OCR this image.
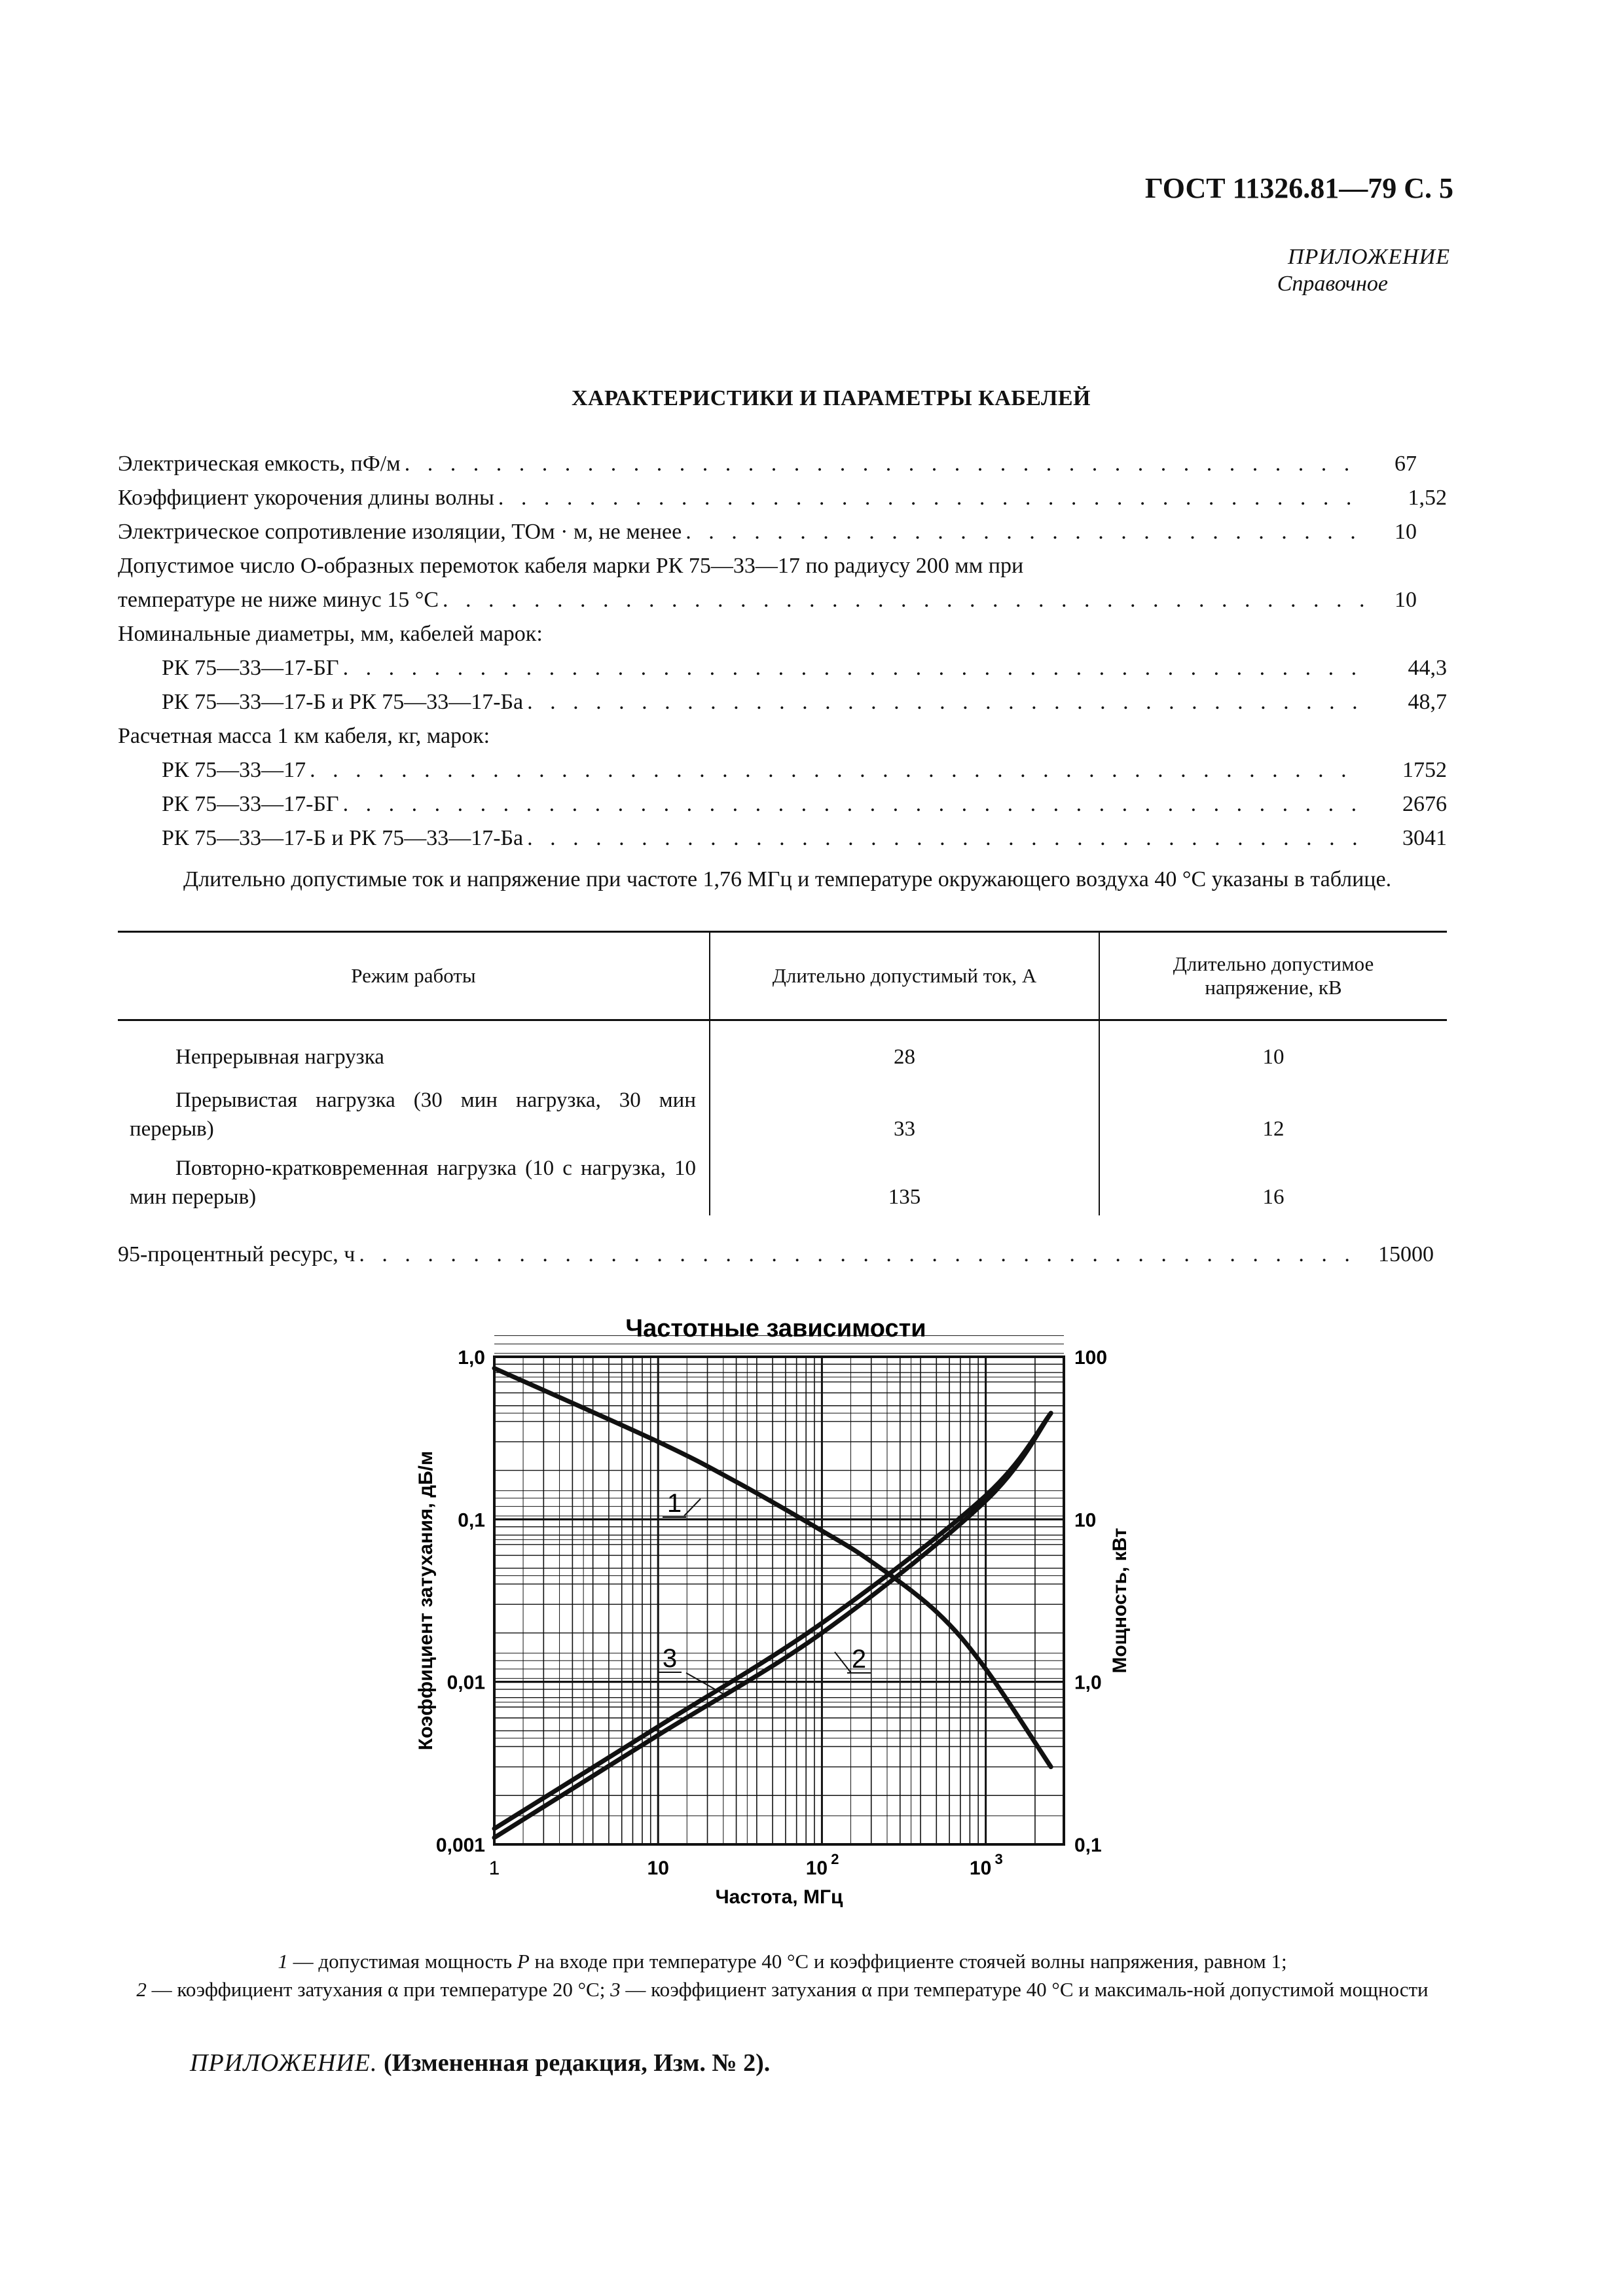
ГОСТ 11326.81—79 С. 5
ПРИЛОЖЕНИЕ
Справочное
ХАРАКТЕРИСТИКИ И ПАРАМЕТРЫ КАБЕЛЕЙ
Электрическая емкость, пФ/м . . .	67
Коэффициент укорочения длины волны . . .	1,52
Электрическое сопротивление изоляции, ТОм · м, не менее . . .	10
Допустимое число О-образных перемоток кабеля марки РК 75—33—17 по радиусу 200 мм при
температуре не ниже минус 15 °С . . .	10
Номинальные диаметры, мм, кабелей марок:
РК 75—33—17-БГ . . .	44,3
РК 75—33—17-Б и РК 75—33—17-Ба . . .	48,7
Расчетная масса 1 км кабеля, кг, марок:
РК 75—33—17 . . .	1752
РК 75—33—17-БГ . . .	2676
РК 75—33—17-Б и РК 75—33—17-Ба . . .	3041
Длительно допустимые ток и напряжение при частоте 1,76 МГц и температуре окружающего воздуха 40 °С указаны в таблице.
Режим работы	Длительно допустимый ток, А	Длительно допустимое напряжение, кВ
Непрерывная нагрузка	28	10
Прерывистая нагрузка (30 мин нагрузка, 30 мин перерыв)	33	12
Повторно-кратковременная нагрузка (10 с нагрузка, 10 мин перерыв)	135	16
95-процентный ресурс, ч . . .	15000
Частотные зависимости
1	10	10 2	10 3
0,001
0,01
0,1
1,0
0,1
1,0
10
100
Частота, МГц
Коэффициент затухания, дБ/м	Мощность, кВт
1
2
3
1 — допустимая мощность P на входе при температуре 40 °С и коэффициенте стоячей волны напряжения, равном 1;
2 — коэффициент затухания α при температуре 20 °С; 3 — коэффициент затухания α при температуре 40 °С и максималь-ной допустимой мощности
ПРИЛОЖЕНИЕ. (Измененная редакция, Изм. № 2).
